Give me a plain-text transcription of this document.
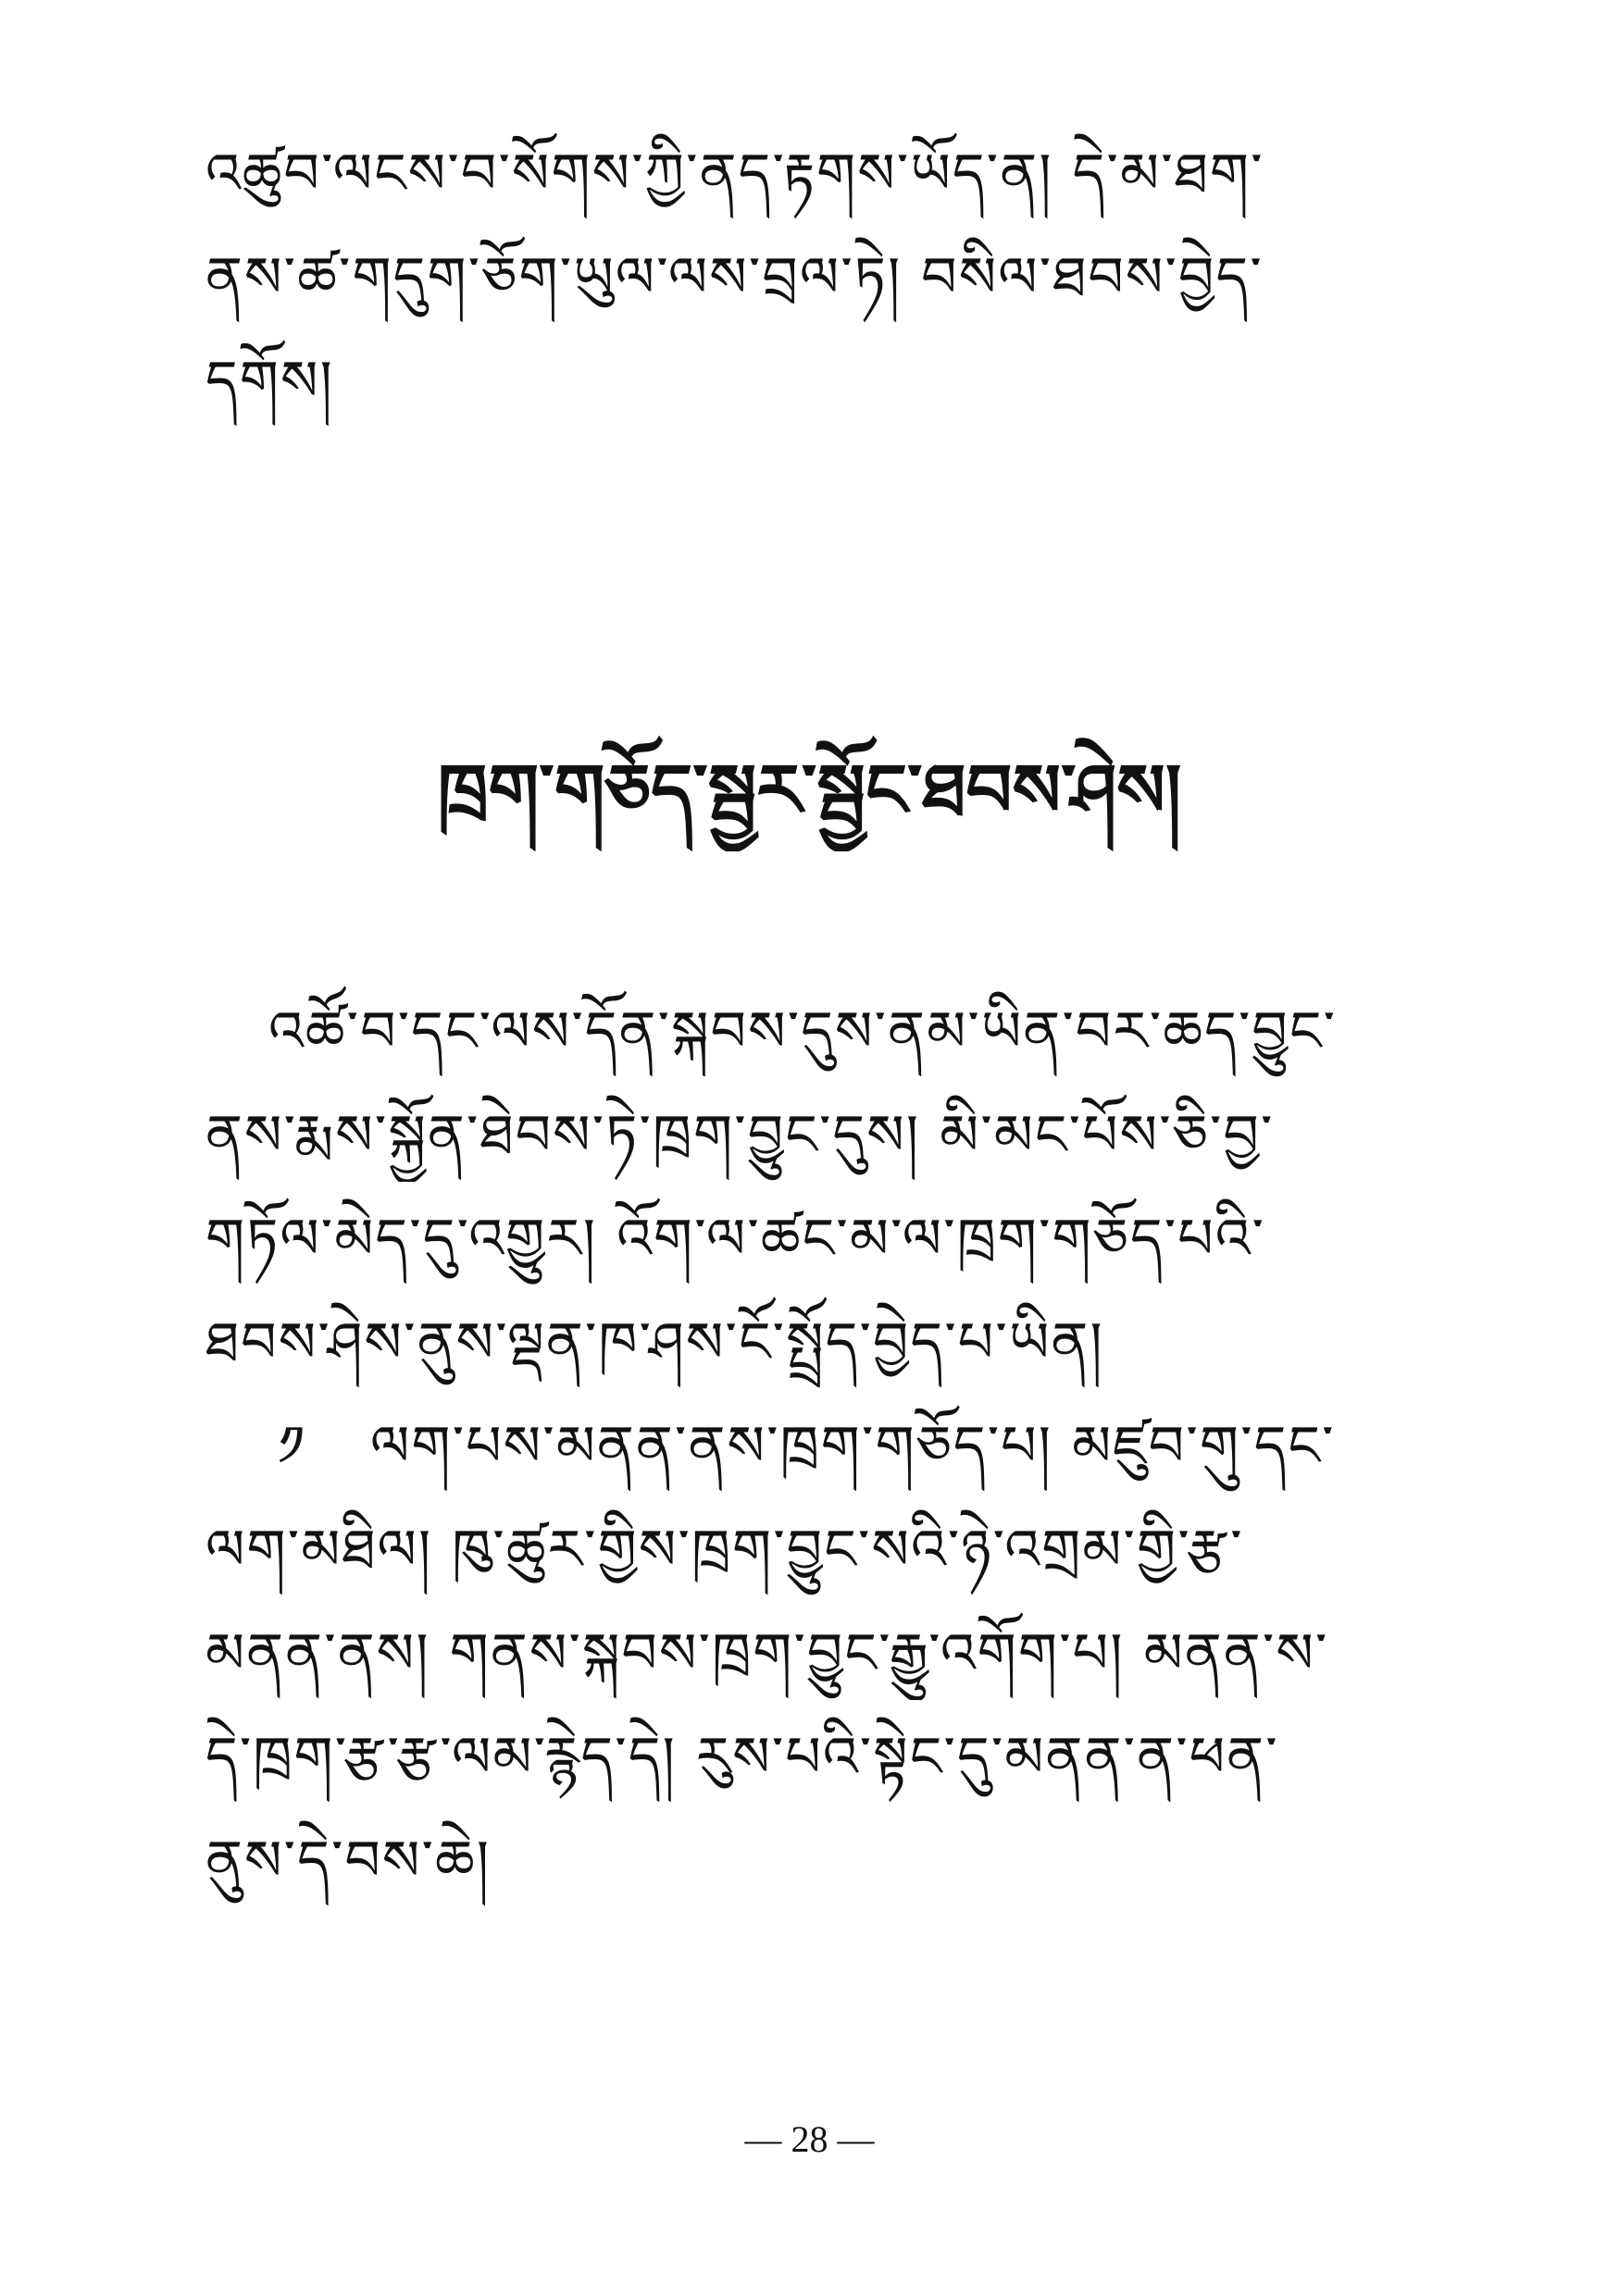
འཚུབ་ལངས་བ་སོགས་ཀྱི་ནད་རྟགས་ཡོད་ན། དེ་མ་ཐག་
ནས་ཚ་གདུག་ཅོག་ཡུལ་ལས་བྲལ་ཏེ། བསིལ་ཐབས་བྱེད་
དགོས།
ཁྲག་གཅོད་སྦྱར་སྦྱོང་ཐབས་ཤེས།
འཚོ་བ་དང་ལས་དོན་སྐབས་དུས་ནམ་ཡིན་བར་ཆད་བྱུང་
ནས་རྨས་སྐྱོན་ཐེབས་ཏེ་ཁྲག་བྱུང་དུས། མི་མང་པོས་ཅི་བྱ་
གཏོལ་མེད་དུ་འགྱུར། འོག་ལ་ཚང་མ་ལ་ཁྲག་གཅོད་པའི་
ཐབས་ཤེས་ནུས་ལྡན་ཁ་ཤས་ངོ་སྤྲོད་བྱེད་པ་ཡིན།
༡	ལག་པས་མནན་ནས་ཁྲག་གཅོད་པ། མཛུབ་གུ་དང་
ལག་མཐིལ། ཁུ་ཚུར་གྱིས་ཁྲག་བྱུང་སའི་ཉེ་འགྲམ་གྱི་རྩ་
མནན་ནས། གནས་སྐབས་ཁྲག་བྱུང་རྒྱུ་འགོག་པ། མནན་ས་
དེ་ཁྲག་རྩ་རྩ་ལམ་རྙེད་དེ། རུས་པའི་སྟེང་དུ་མནན་ན་ཕན་
ནུས་དེ་བས་ཆེ།
— 28 —
